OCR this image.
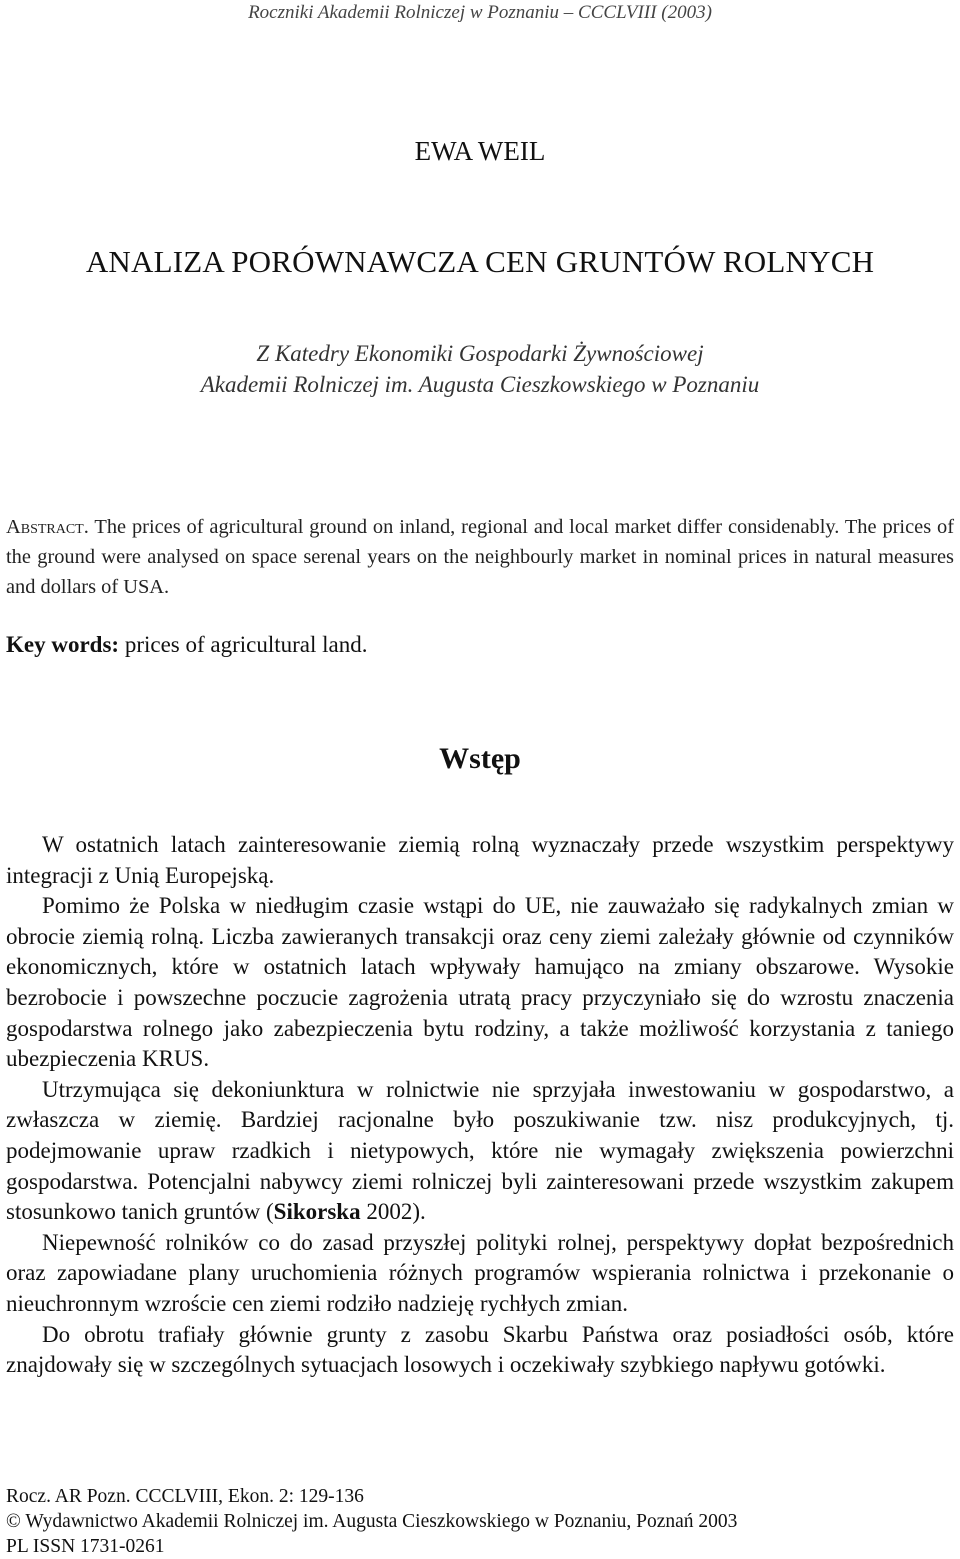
Roczniki Akademii Rolniczej w Poznaniu – CCCLVIII (2003)
EWA WEIL
ANALIZA PORÓWNAWCZA CEN GRUNTÓW ROLNYCH
Z Katedry Ekonomiki Gospodarki Żywnościowej
Akademii Rolniczej im. Augusta Cieszkowskiego w Poznaniu
Abstract. The prices of agricultural ground on inland, regional and local market differ considenably. The prices of the ground were analysed on space serenal years on the neighbourly market in nominal prices in natural measures and dollars of USA.
Key words: prices of agricultural land.
Wstęp

W ostatnich latach zainteresowanie ziemią rolną wyznaczały przede wszystkim perspektywy integracji z Unią Europejską.

Pomimo że Polska w niedługim czasie wstąpi do UE, nie zauważało się radykalnych zmian w obrocie ziemią rolną. Liczba zawieranych transakcji oraz ceny ziemi zależały głównie od czynników ekonomicznych, które w ostatnich latach wpływały hamująco na zmiany obszarowe. Wysokie bezrobocie i powszechne poczucie zagrożenia utratą pracy przyczyniało się do wzrostu znaczenia gospodarstwa rolnego jako zabezpieczenia bytu rodziny, a także możliwość korzystania z taniego ubezpieczenia KRUS.

Utrzymująca się dekoniunktura w rolnictwie nie sprzyjała inwestowaniu w gospodarstwo, a zwłaszcza w ziemię. Bardziej racjonalne było poszukiwanie tzw. nisz produkcyjnych, tj. podejmowanie upraw rzadkich i nietypowych, które nie wymagały zwiększenia powierzchni gospodarstwa. Potencjalni nabywcy ziemi rolniczej byli zainteresowani przede wszystkim zakupem stosunkowo tanich gruntów (Sikorska 2002).

Niepewność rolników co do zasad przyszłej polityki rolnej, perspektywy dopłat bezpośrednich oraz zapowiadane plany uruchomienia różnych programów wspierania rolnictwa i przekonanie o nieuchronnym wzroście cen ziemi rodziło nadzieję rychłych zmian.

Do obrotu trafiały głównie grunty z zasobu Skarbu Państwa oraz posiadłości osób, które znajdowały się w szczególnych sytuacjach losowych i oczekiwały szybkiego napływu gotówki.

Rocz. AR Pozn. CCCLVIII, Ekon. 2: 129-136
© Wydawnictwo Akademii Rolniczej im. Augusta Cieszkowskiego w Poznaniu, Poznań 2003
PL ISSN 1731-0261
